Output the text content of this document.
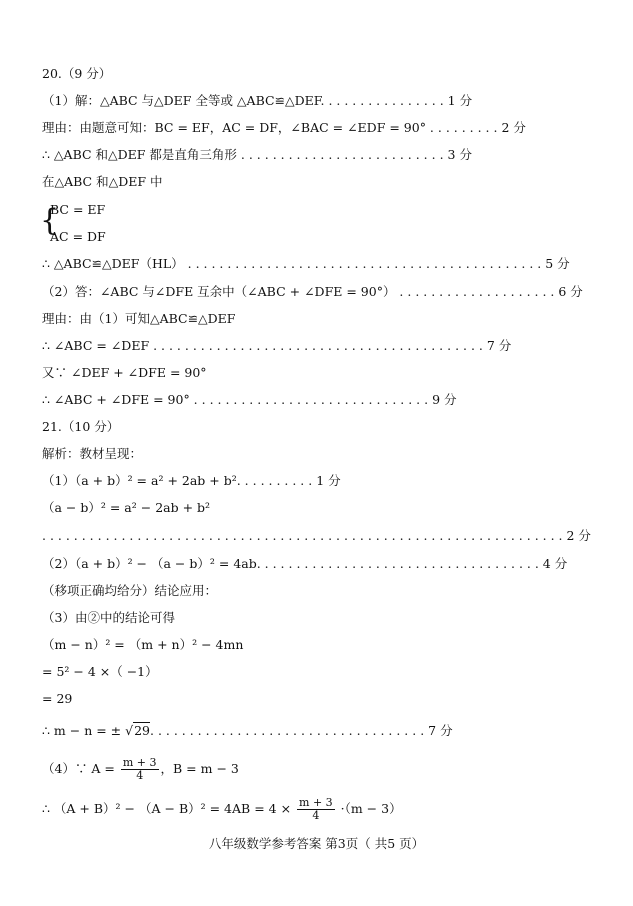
20.（9 分）
（1）解：△ABC 与△DEF 全等或 △ABC≌△DEF. . . . . . . . . . . . . . . . 1 分
理由：由题意可知：BC = EF，AC = DF，∠BAC = ∠EDF = 90° . . . . . . . . . 2 分
∴ △ABC 和△DEF 都是直角三角形 . . . . . . . . . . . . . . . . . . . . . . . . . . 3 分
在△ABC 和△DEF 中
{
BC = EF
AC = DF
∴ △ABC≌△DEF（HL） . . . . . . . . . . . . . . . . . . . . . . . . . . . . . . . . . . . . . . . . . . . . . 5 分
（2）答：∠ABC 与∠DFE 互余中（∠ABC + ∠DFE = 90°） . . . . . . . . . . . . . . . . . . . . 6 分
理由：由（1）可知△ABC≌△DEF
∴ ∠ABC = ∠DEF . . . . . . . . . . . . . . . . . . . . . . . . . . . . . . . . . . . . . . . . . . 7 分
又∵ ∠DEF + ∠DFE = 90°
∴ ∠ABC + ∠DFE = 90° . . . . . . . . . . . . . . . . . . . . . . . . . . . . . . 9 分
21.（10 分）
解析：教材呈现：
（1）（a + b）² = a² + 2ab + b². . . . . . . . . . 1 分
（a − b）² = a² − 2ab + b²
. . . . . . . . . . . . . . . . . . . . . . . . . . . . . . . . . . . . . . . . . . . . . . . . . . . . . . . . . . . . . . . . . . 2 分
（2）（a + b）² − （a − b）² = 4ab. . . . . . . . . . . . . . . . . . . . . . . . . . . . . . . . . . . . 4 分
（移项正确均给分）结论应用：
（3）由②中的结论可得
（m − n）² = （m + n）² − 4mn
= 5² − 4 ×（ −1）
= 29
∴ m − n = ± √29. . . . . . . . . . . . . . . . . . . . . . . . . . . . . . . . . . . 7 分
（4）∵ $A = \frac{m + 3}{4}$ ，B = m − 3
∴ $(A + B)^2 - (A - B)^2 = 4AB = 4 \times \frac{m + 3}{4} \cdot(m - 3)$
八年级数学参考答案 第3页（ 共5 页）
